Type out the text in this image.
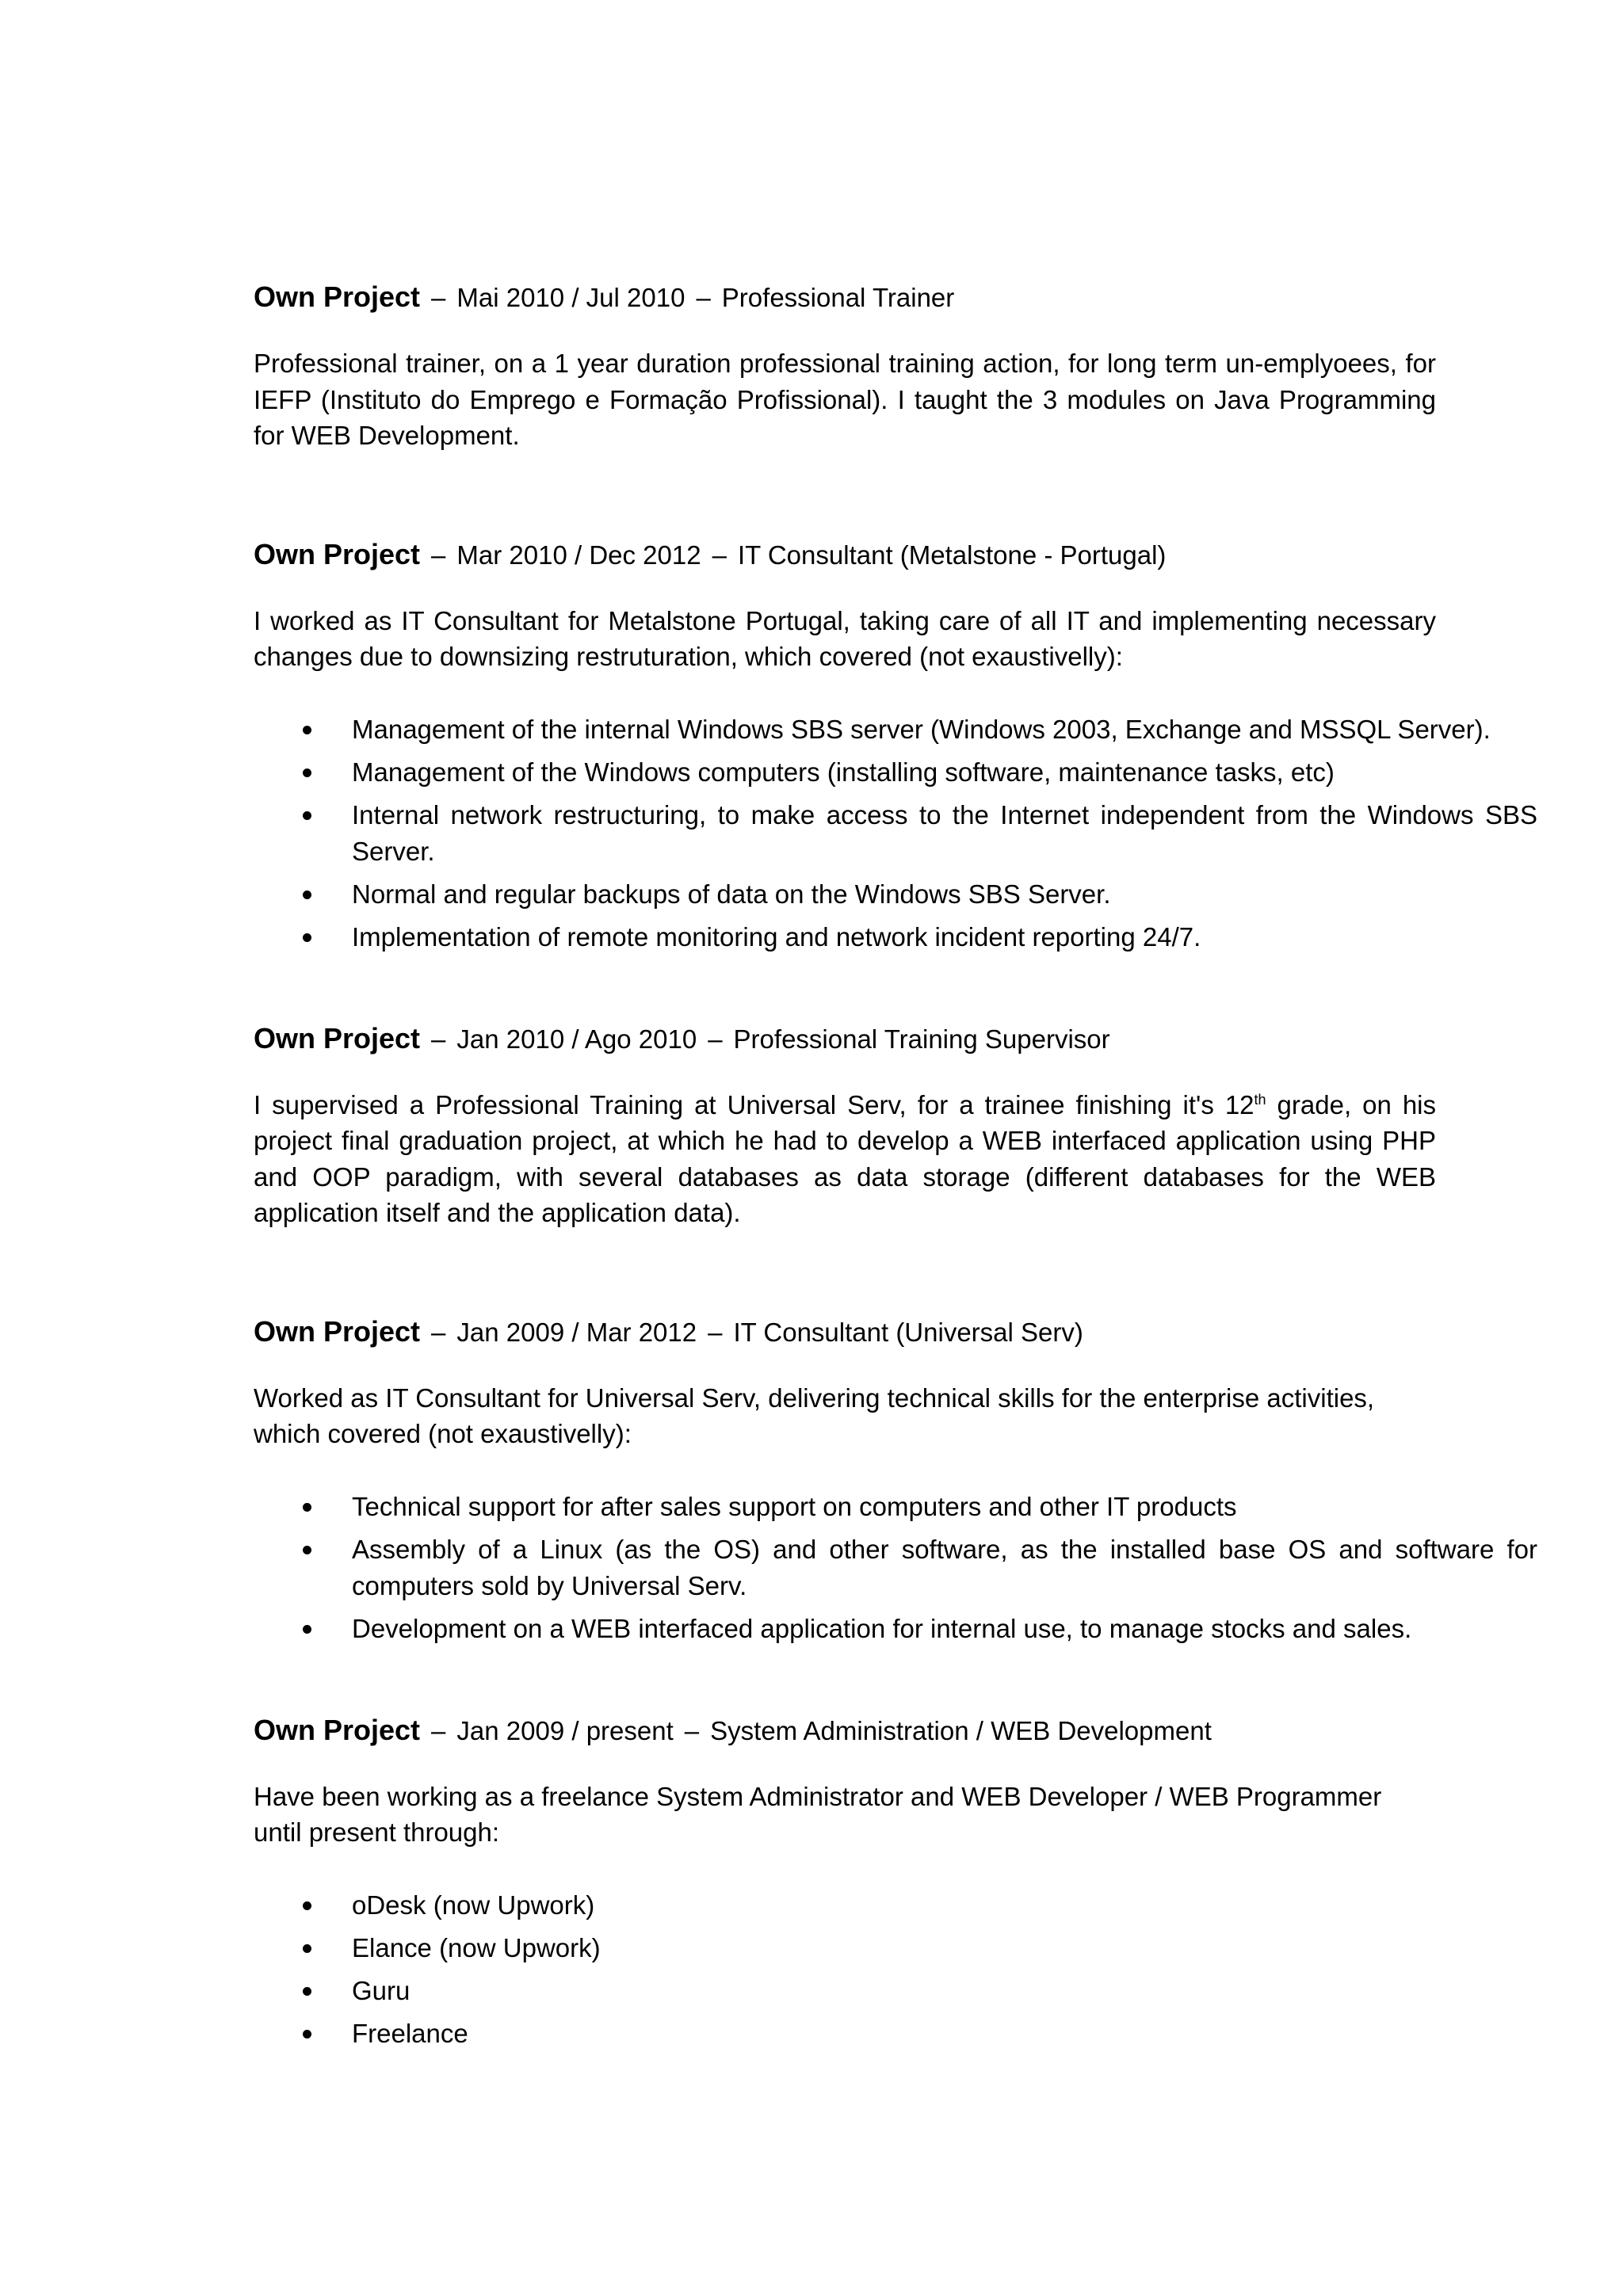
Own Project – Mai 2010 / Jul 2010 – Professional Trainer

Professional trainer, on a 1 year duration professional training action, for long term un-emplyoees, for IEFP (Instituto do Emprego e Formação Profissional). I taught the 3 modules on Java Programming for WEB Development.

Own Project – Mar 2010 / Dec 2012 – IT Consultant (Metalstone - Portugal)

I worked as IT Consultant for Metalstone Portugal, taking care of all IT and implementing necessary changes due to downsizing restruturation, which covered (not exaustivelly):

Management of the internal Windows SBS server (Windows 2003, Exchange and MSSQL Server).
Management of the Windows computers (installing software, maintenance tasks, etc)
Internal network restructuring, to make access to the Internet independent from the Windows SBS Server.
Normal and regular backups of data on the Windows SBS Server.
Implementation of remote monitoring and network incident reporting 24/7.
Own Project – Jan 2010 / Ago 2010 – Professional Training Supervisor

I supervised a Professional Training at Universal Serv, for a trainee finishing it's 12th grade, on his project final graduation project, at which he had to develop a WEB interfaced application using PHP and OOP paradigm, with several databases as data storage (different databases for the WEB application itself and the application data).

Own Project – Jan 2009 / Mar 2012 – IT Consultant (Universal Serv)

Worked as IT Consultant for Universal Serv, delivering technical skills for the enterprise activities, which covered (not exaustivelly):

Technical support for after sales support on computers and other IT products
Assembly of a Linux (as the OS) and other software, as the installed base OS and software for computers sold by Universal Serv.
Development on a WEB interfaced application for internal use, to manage stocks and sales.
Own Project – Jan 2009 / present – System Administration / WEB Development

Have been working as a freelance System Administrator and WEB Developer / WEB Programmer until present through:

oDesk (now Upwork)
Elance (now Upwork)
Guru
Freelance
